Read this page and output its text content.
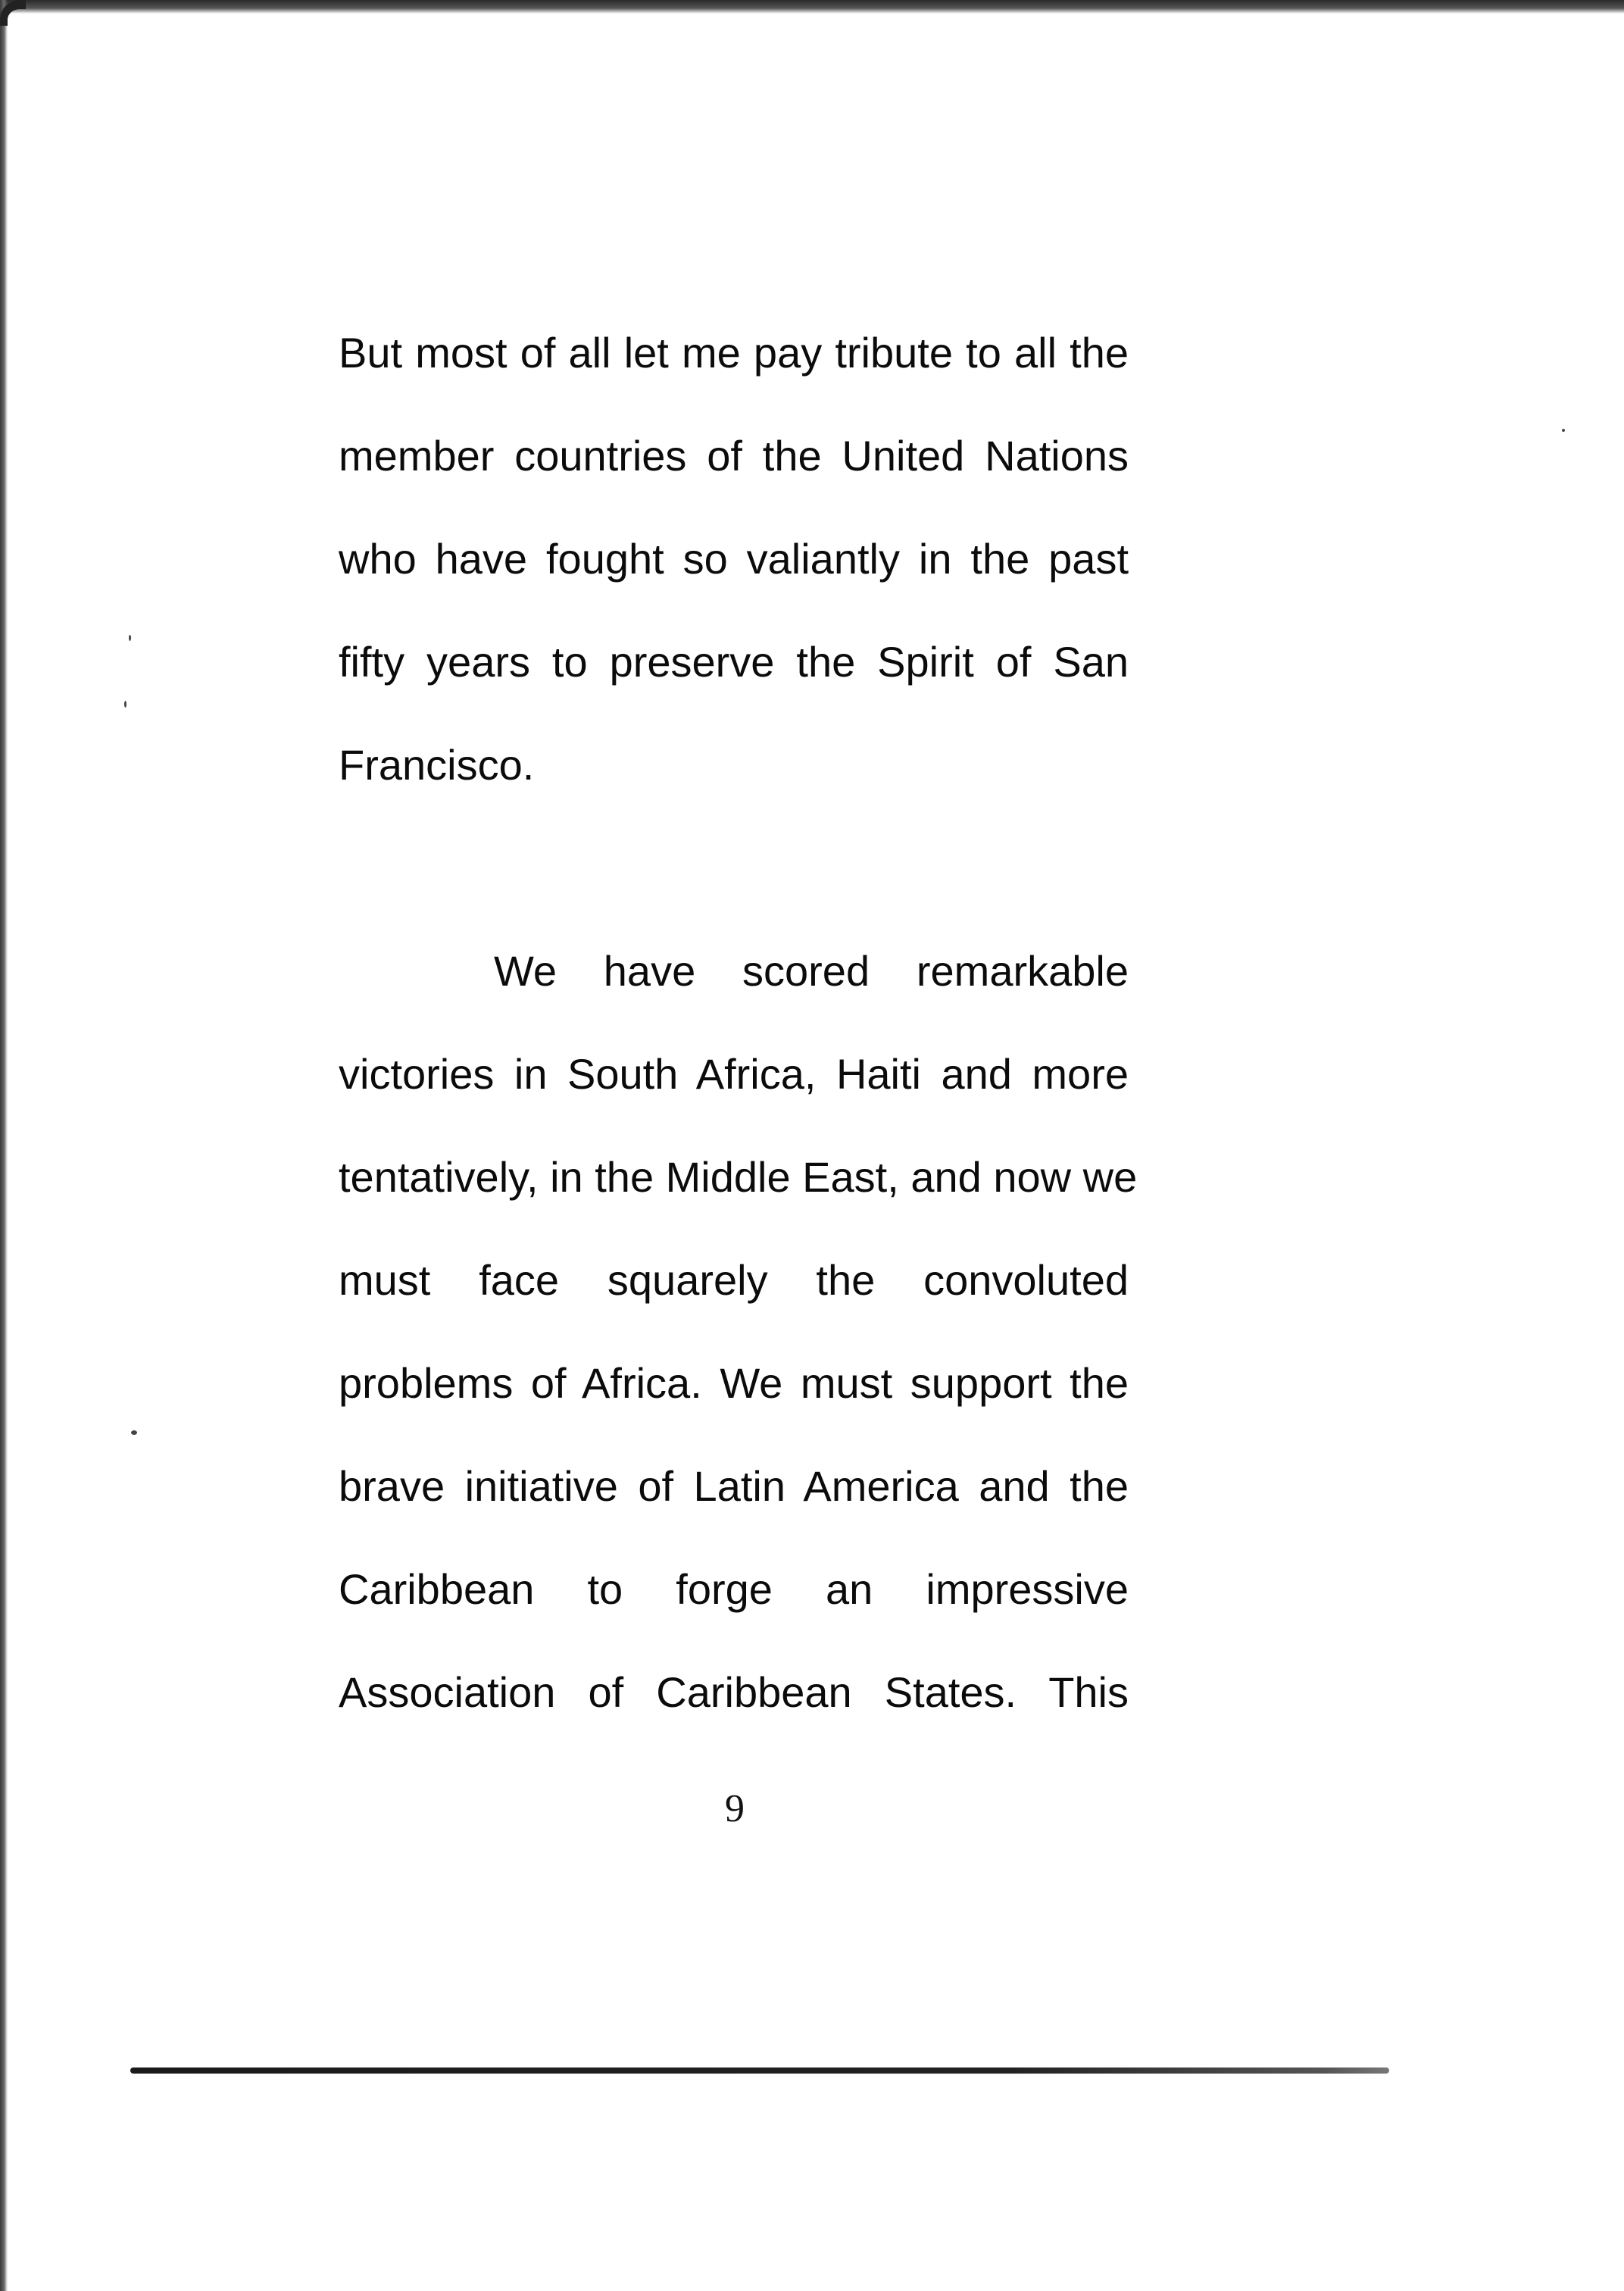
But most of all let me pay tribute to all the
member countries of the United Nations
who have fought so valiantly in the past
fifty years to preserve the Spirit of San
Francisco.
We have scored remarkable
victories in South Africa, Haiti and more
tentatively, in the Middle East, and now we
must face squarely the convoluted
problems of Africa. We must support the
brave initiative of Latin America and the
Caribbean to forge an impressive
Association of Caribbean States. This
9
